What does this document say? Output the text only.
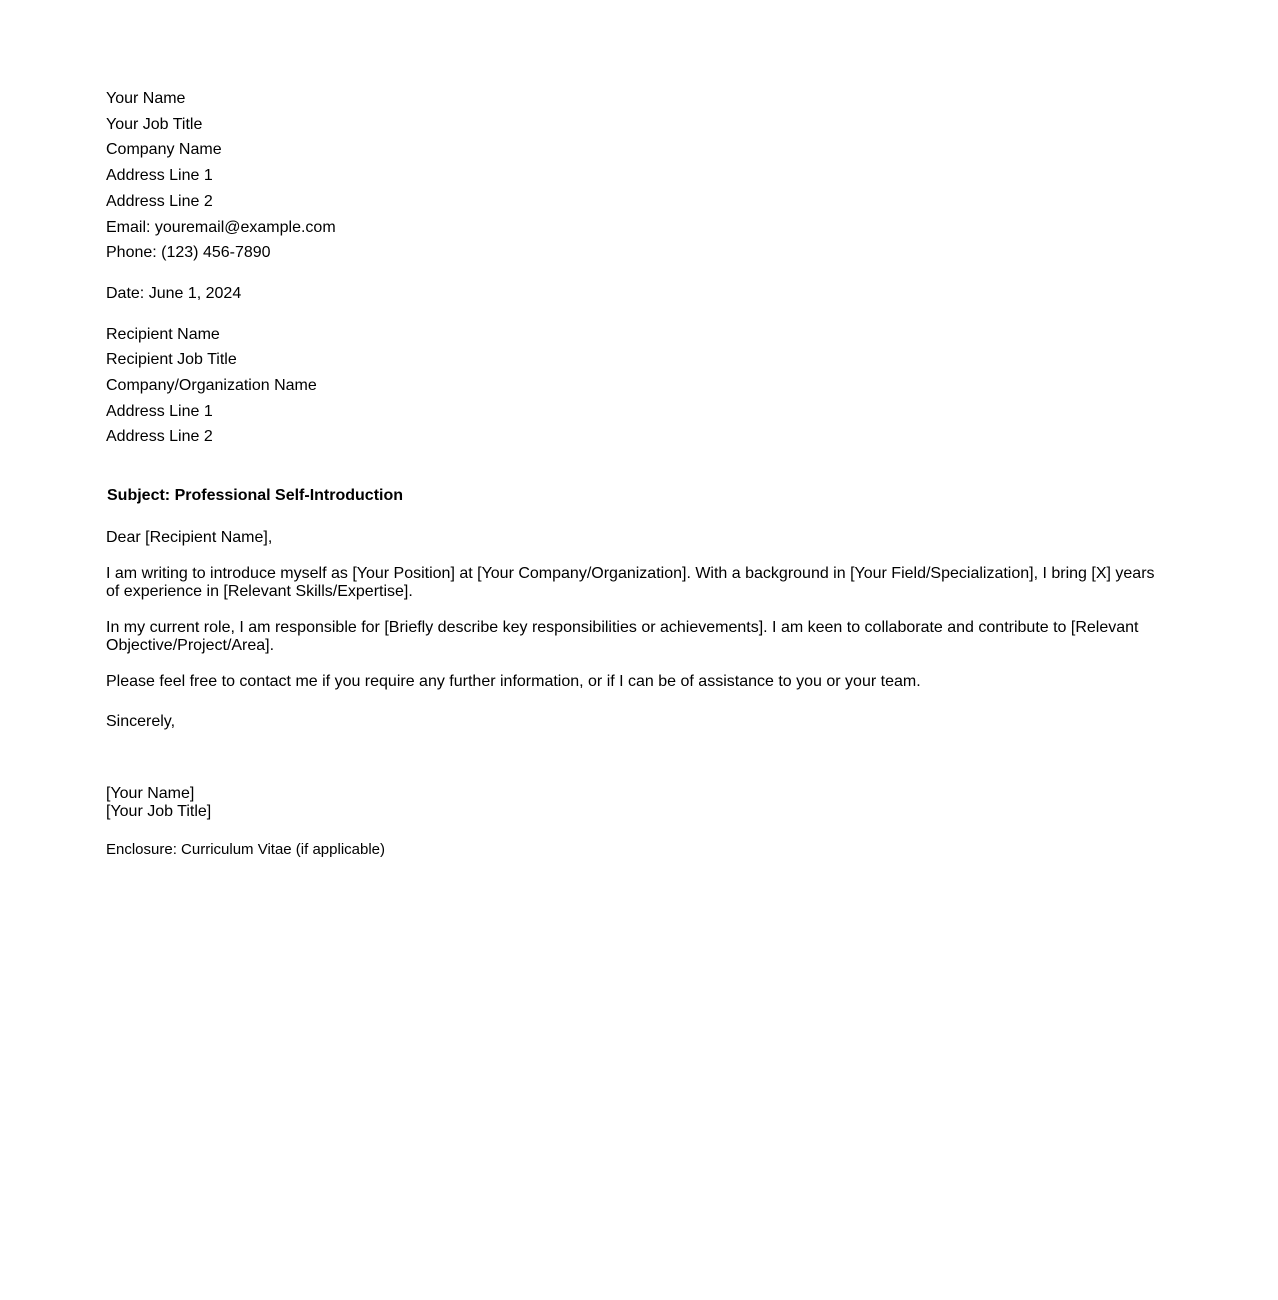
Your Name
Your Job Title
Company Name
Address Line 1
Address Line 2
Email: youremail@example.com
Phone: (123) 456-7890
Date: June 1, 2024
Recipient Name
Recipient Job Title
Company/Organization Name
Address Line 1
Address Line 2
Subject: Professional Self-Introduction
Dear [Recipient Name],
I am writing to introduce myself as [Your Position] at [Your Company/Organization]. With a background in [Your Field/Specialization], I bring [X] years of experience in [Relevant Skills/Expertise].
In my current role, I am responsible for [Briefly describe key responsibilities or achievements]. I am keen to collaborate and contribute to [Relevant Objective/Project/Area].
Please feel free to contact me if you require any further information, or if I can be of assistance to you or your team.
Sincerely,
[Your Name]
[Your Job Title]
Enclosure: Curriculum Vitae (if applicable)
